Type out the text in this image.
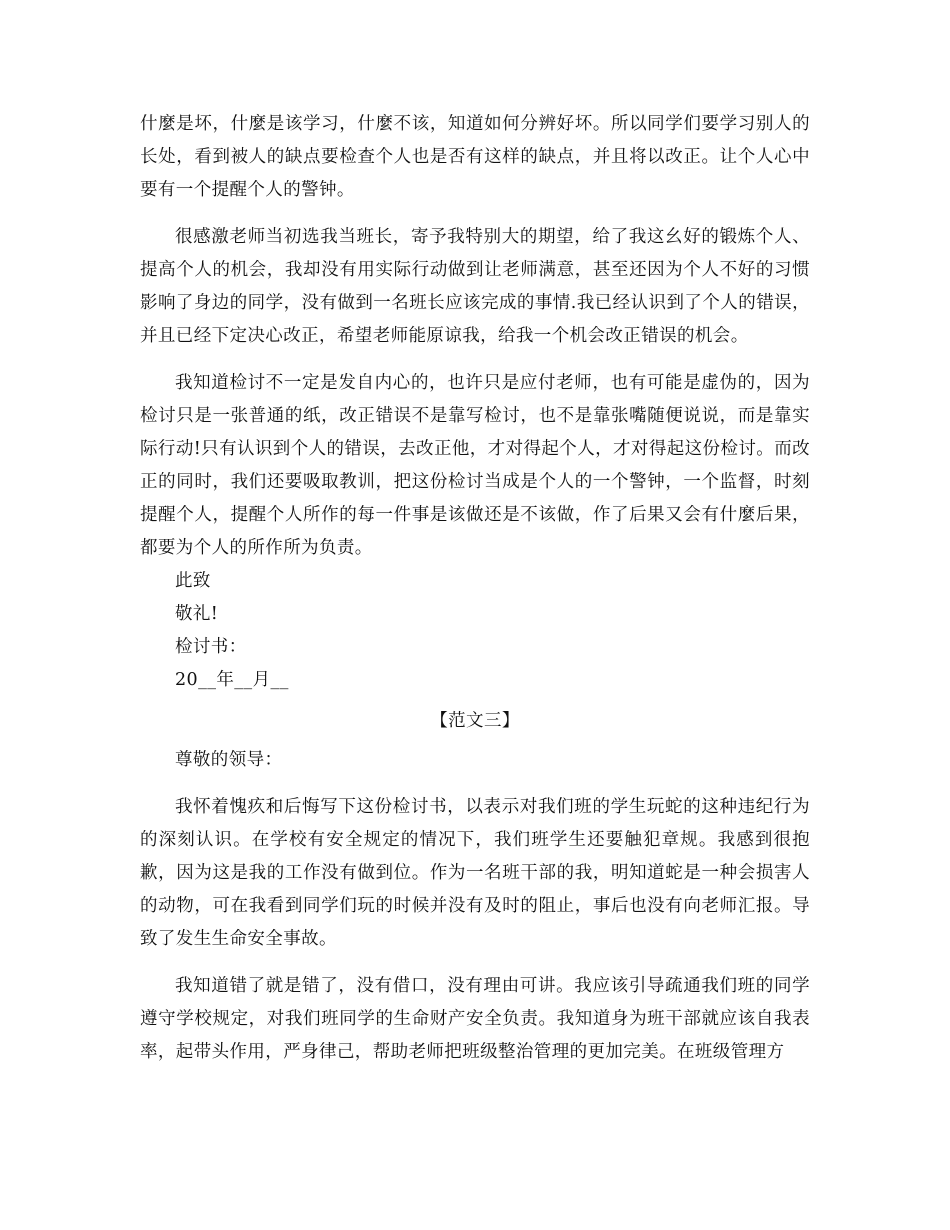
什麼是坏，什麼是该学习，什麼不该，知道如何分辨好坏。所以同学们要学习别人的长处，看到被人的缺点要检查个人也是否有这样的缺点，并且将以改正。让个人心中要有一个提醒个人的警钟。

很感激老师当初选我当班长，寄予我特别大的期望，给了我这幺好的锻炼个人、提高个人的机会，我却没有用实际行动做到让老师满意，甚至还因为个人不好的习惯影响了身边的同学，没有做到一名班长应该完成的事情.我已经认识到了个人的错误，并且已经下定决心改正，希望老师能原谅我，给我一个机会改正错误的机会。

我知道检讨不一定是发自内心的，也许只是应付老师，也有可能是虚伪的，因为检讨只是一张普通的纸，改正错误不是靠写检讨，也不是靠张嘴随便说说，而是靠实际行动!只有认识到个人的错误，去改正他，才对得起个人，才对得起这份检讨。而改正的同时，我们还要吸取教训，把这份检讨当成是个人的一个警钟，一个监督，时刻提醒个人，提醒个人所作的每一件事是该做还是不该做，作了后果又会有什麼后果，都要为个人的所作所为负责。

此致

敬礼!

检讨书：

20__年__月__

【范文三】

尊敬的领导：

我怀着愧疚和后悔写下这份检讨书，以表示对我们班的学生玩蛇的这种违纪行为的深刻认识。在学校有安全规定的情况下，我们班学生还要触犯章规。我感到很抱歉，因为这是我的工作没有做到位。作为一名班干部的我，明知道蛇是一种会损害人的动物，可在我看到同学们玩的时候并没有及时的阻止，事后也没有向老师汇报。导致了发生生命安全事故。

我知道错了就是错了，没有借口，没有理由可讲。我应该引导疏通我们班的同学遵守学校规定，对我们班同学的生命财产安全负责。我知道身为班干部就应该自我表率，起带头作用，严身律己，帮助老师把班级整治管理的更加完美。在班级管理方
